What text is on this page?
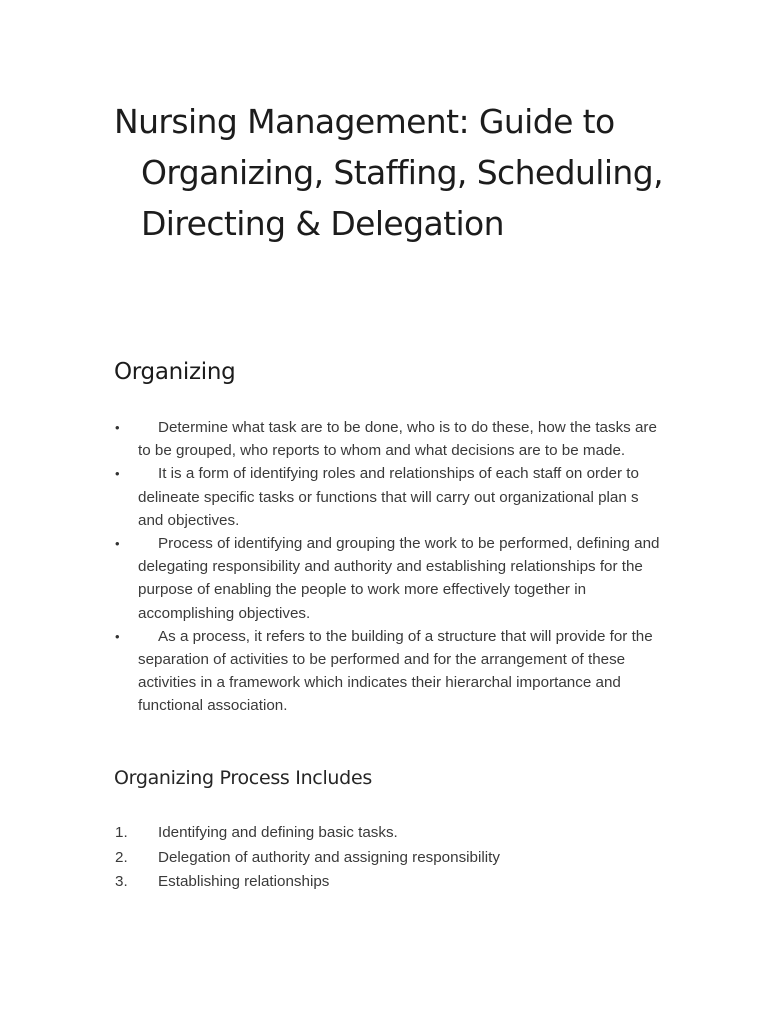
Nursing Management: Guide to Organizing, Staffing, Scheduling, Directing & Delegation
Organizing
•	Determine what task are to be done, who is to do these, how the tasks are to be grouped, who reports to whom and what decisions are to be made.
•	It is a form of identifying roles and relationships of each staff on order to delineate specific tasks or functions that will carry out organizational plan s and objectives.
•	Process of identifying and grouping the work to be performed, defining and delegating responsibility and authority and establishing relationships for the purpose of enabling the people to work more effectively together in accomplishing objectives.
•	As a process, it refers to the building of a structure that will provide for the separation of activities to be performed and for the arrangement of these activities in a framework which indicates their hierarchal importance and functional association.
Organizing Process Includes
1. Identifying and defining basic tasks.
2. Delegation of authority and assigning responsibility
3. Establishing relationships
